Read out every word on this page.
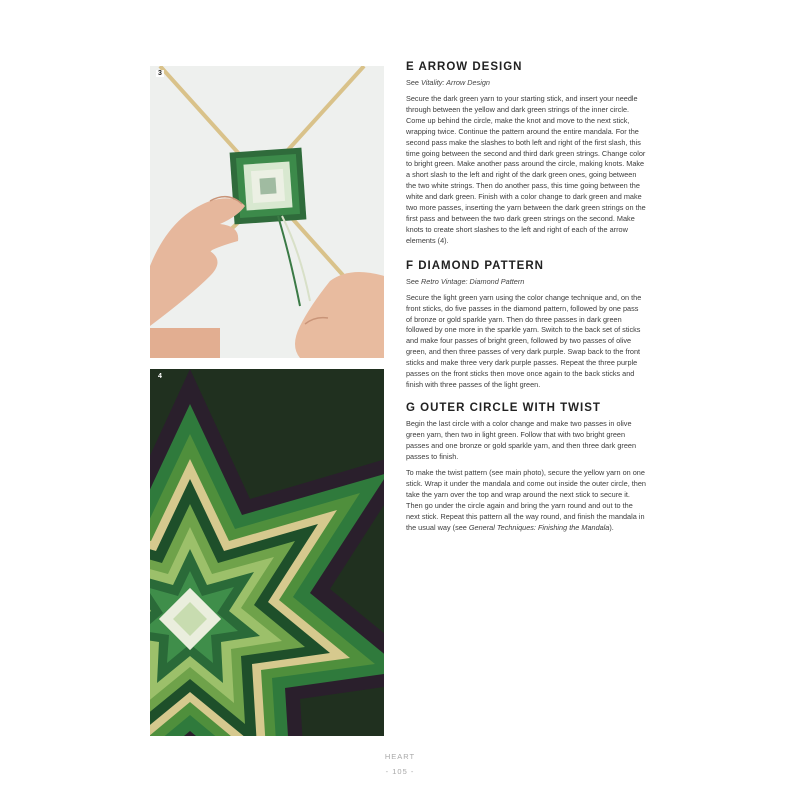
3
4
E ARROW DESIGN
See Vitality: Arrow Design

Secure the dark green yarn to your starting stick, and insert your needle through between the yellow and dark green strings of the inner circle. Come up behind the circle, make the knot and move to the next stick, wrapping twice. Continue the pattern around the entire mandala. For the second pass make the slashes to both left and right of the first slash, this time going between the second and third dark green strings. Change color to bright green. Make another pass around the circle, making knots. Make a short slash to the left and right of the dark green ones, going between the two white strings. Then do another pass, this time going between the white and dark green. Finish with a color change to dark green and make two more passes, inserting the yarn between the dark green strings on the first pass and between the two dark green strings on the second. Make knots to create short slashes to the left and right of each of the arrow elements (4).

F DIAMOND PATTERN
See Retro Vintage: Diamond Pattern

Secure the light green yarn using the color change technique and, on the front sticks, do five passes in the diamond pattern, followed by one pass of bronze or gold sparkle yarn. Then do three passes in dark green followed by one more in the sparkle yarn. Switch to the back set of sticks and make four passes of bright green, followed by two passes of olive green, and then three passes of very dark purple. Swap back to the front sticks and make three very dark purple passes. Repeat the three purple passes on the front sticks then move once again to the back sticks and finish with three passes of the light green.

G OUTER CIRCLE WITH TWIST

Begin the last circle with a color change and make two passes in olive green yarn, then two in light green. Follow that with two bright green passes and one bronze or gold sparkle yarn, and then three dark green passes to finish.

To make the twist pattern (see main photo), secure the yellow yarn on one stick. Wrap it under the mandala and come out inside the outer circle, then take the yarn over the top and wrap around the next stick to secure it. Then go under the circle again and bring the yarn round and out to the next stick. Repeat this pattern all the way round, and finish the mandala in the usual way (see General Techniques: Finishing the Mandala).

HEART
- 105 -
